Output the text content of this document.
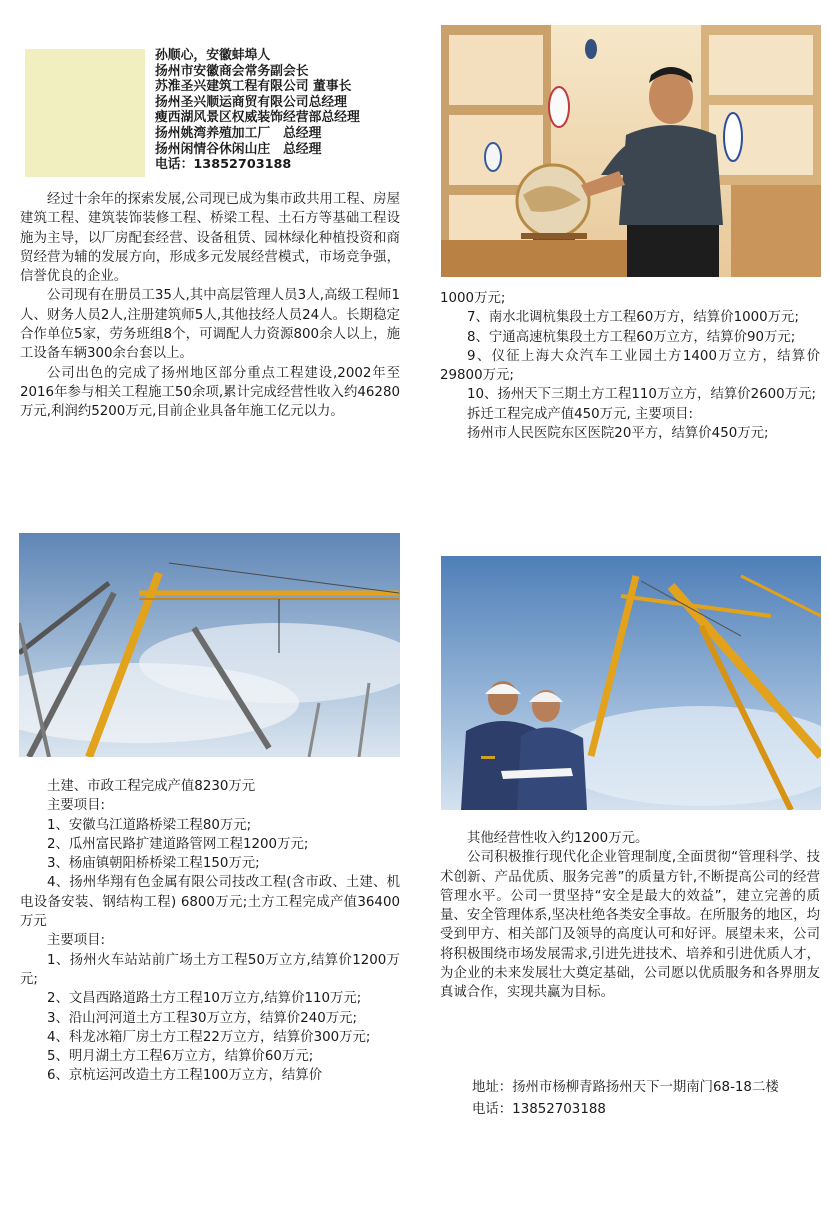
孙顺心，安徽蚌埠人
扬州市安徽商会常务副会长
苏淮圣兴建筑工程有限公司 董事长
扬州圣兴顺运商贸有限公司总经理
瘦西湖风景区权威装饰经营部总经理
扬州姚湾养殖加工厂　总经理
扬州闲情谷休闲山庄　总经理
电话：13852703188

经过十余年的探索发展,公司现已成为集市政共用工程、房屋建筑工程、建筑装饰装修工程、桥梁工程、土石方等基础工程设施为主导，以厂房配套经营、设备租赁、园林绿化种植投资和商贸经营为辅的发展方向，形成多元发展经营模式，市场竞争强，信誉优良的企业。

公司现有在册员工35人,其中高层管理人员3人,高级工程师1人、财务人员2人,注册建筑师5人,其他技经人员24人。长期稳定合作单位5家，劳务班组8个，可调配人力资源800余人以上，施工设备车辆300余台套以上。

公司出色的完成了扬州地区部分重点工程建设,2002年至2016年参与相关工程施工50余项,累计完成经营性收入约46280万元,利润约5200万元,目前企业具备年施工亿元以力。

土建、市政工程完成产值8230万元

主要项目:

1、安徽乌江道路桥梁工程80万元;

2、瓜州富民路扩建道路管网工程1200万元;

3、杨庙镇朝阳桥桥梁工程150万元;

4、扬州华翔有色金属有限公司技改工程(含市政、土建、机电设备安装、钢结构工程) 6800万元;土方工程完成产值36400万元

主要项目:

1、扬州火车站站前广场土方工程50万立方,结算价1200万元;

2、文昌西路道路土方工程10万立方,结算价110万元;

3、沿山河河道土方工程30万立方，结算价240万元;

4、科龙冰箱厂房土方工程22万立方，结算价300万元;

5、明月湖土方工程6万立方，结算价60万元;

6、京杭运河改造土方工程100万立方，结算价

1000万元;

7、南水北调杭集段土方工程60万方，结算价1000万元;

8、宁通高速杭集段土方工程60万立方，结算价90万元;

9、仪征上海大众汽车工业园土方1400万立方，结算价29800万元;

10、扬州天下三期土方工程110万立方，结算价2600万元;

拆迁工程完成产值450万元, 主要项目:

扬州市人民医院东区医院20平方，结算价450万元;

其他经营性收入约1200万元。

公司积极推行现代化企业管理制度,全面贯彻“管理科学、技术创新、产品优质、服务完善”的质量方针,不断提高公司的经营管理水平。公司一贯坚持“安全是最大的效益”，建立完善的质量、安全管理体系,坚决杜绝各类安全事故。在所服务的地区，均受到甲方、相关部门及领导的高度认可和好评。展望未来，公司将积极围绕市场发展需求,引进先进技术、培养和引进优质人才，为企业的未来发展壮大奠定基础，公司愿以优质服务和各界朋友真诚合作，实现共赢为目标。

地址： 扬州市杨柳青路扬州天下一期南门68-18二楼
电话： 13852703188
